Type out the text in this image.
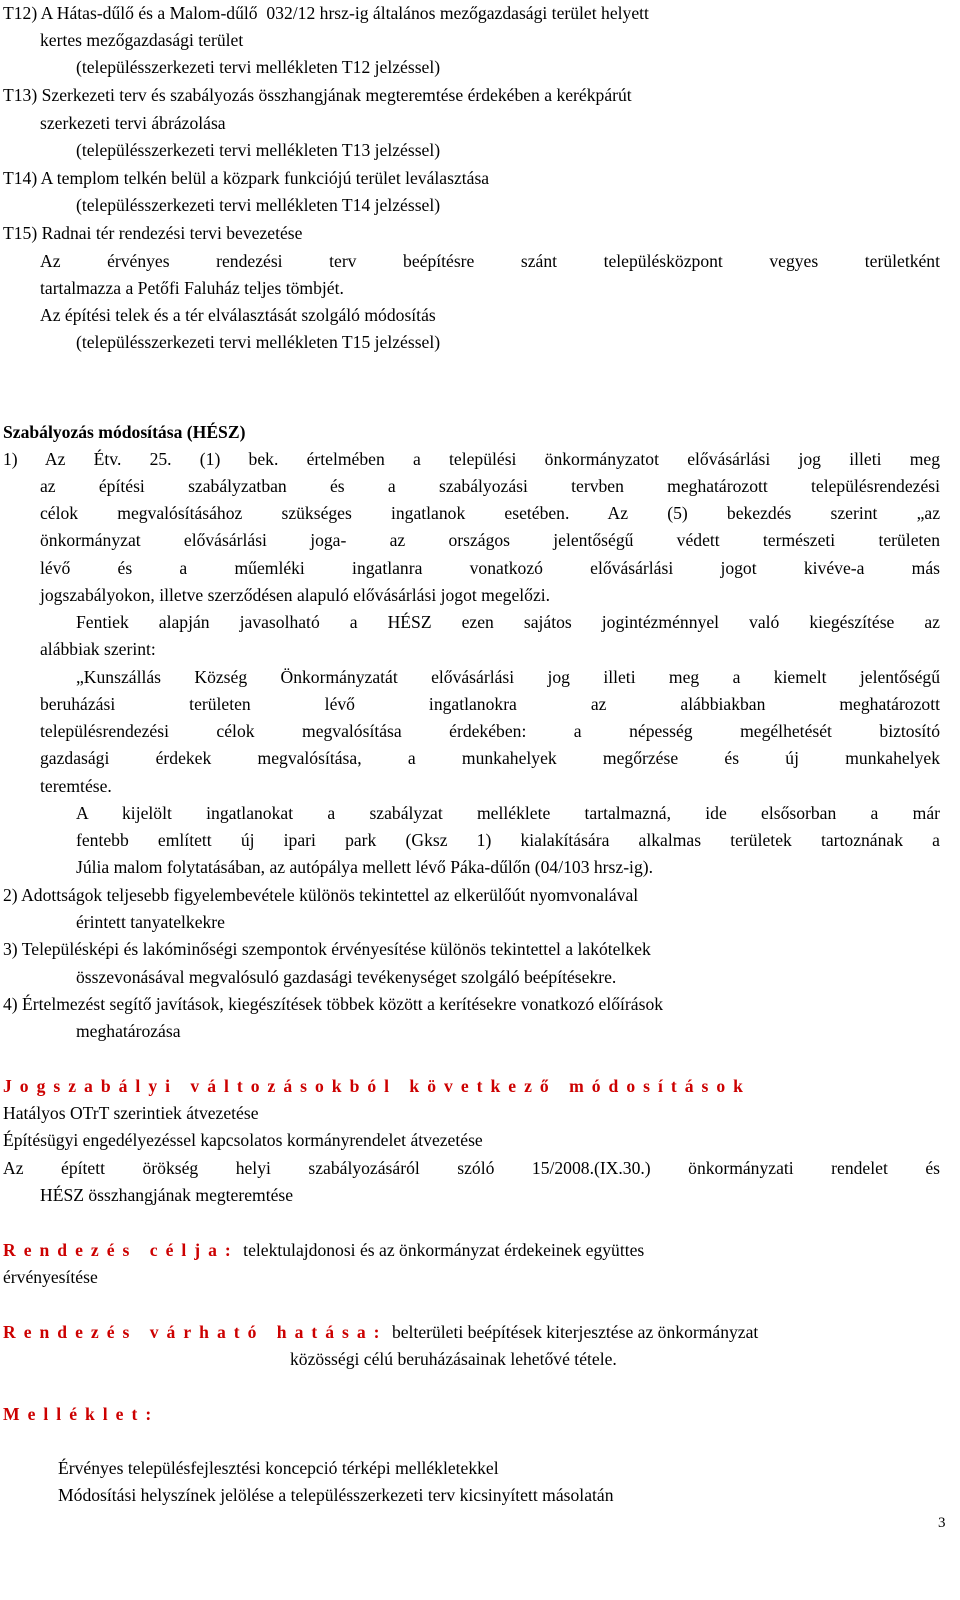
T12) A Hátas-dűlő és a Malom-dűlő  032/12 hrsz-ig általános mezőgazdasági terület helyett
kertes mezőgazdasági terület
(településszerkezeti tervi mellékleten T12 jelzéssel)
T13) Szerkezeti terv és szabályozás összhangjának megteremtése érdekében a kerékpárút
szerkezeti tervi ábrázolása
(településszerkezeti tervi mellékleten T13 jelzéssel)
T14) A templom telkén belül a közpark funkciójú terület leválasztása
(településszerkezeti tervi mellékleten T14 jelzéssel)
T15) Radnai tér rendezési tervi bevezetése
Az érvényes rendezési terv beépítésre szánt településközpont vegyes területként
tartalmazza a Petőfi Faluház teljes tömbjét.
Az építési telek és a tér elválasztását szolgáló módosítás
(településszerkezeti tervi mellékleten T15 jelzéssel)
Szabályozás módosítása (HÉSZ)
1) Az Étv. 25. (1) bek. értelmében a települési önkormányzatot elővásárlási jog illeti meg
az építési szabályzatban és a szabályozási tervben meghatározott településrendezési
célok megvalósításához szükséges ingatlanok esetében. Az (5) bekezdés szerint „az
önkormányzat elővásárlási joga- az országos jelentőségű védett természeti területen
lévő és a műemléki ingatlanra vonatkozó elővásárlási jogot kivéve-a más
jogszabályokon, illetve szerződésen alapuló elővásárlási jogot megelőzi.
Fentiek alapján javasolható a HÉSZ ezen sajátos jogintézménnyel való kiegészítése az
alábbiak szerint:
„Kunszállás Község Önkormányzatát elővásárlási jog illeti meg a kiemelt jelentőségű
beruházási területen lévő ingatlanokra az alábbiakban meghatározott
településrendezési célok megvalósítása érdekében: a népesség megélhetését biztosító
gazdasági érdekek megvalósítása, a munkahelyek megőrzése és új munkahelyek
teremtése.
A kijelölt ingatlanokat a szabályzat melléklete tartalmazná, ide elsősorban a már
fentebb említett új ipari park (Gksz 1) kialakítására alkalmas területek tartoznának a
Júlia malom folytatásában, az autópálya mellett lévő Páka-dűlőn (04/103 hrsz-ig).
2) Adottságok teljesebb figyelembevétele különös tekintettel az elkerülőút nyomvonalával
érintett tanyatelkekre
3) Településképi és lakóminőségi szempontok érvényesítése különös tekintettel a lakótelkek
összevonásával megvalósuló gazdasági tevékenységet szolgáló beépítésekre.
4) Értelmezést segítő javítások, kiegészítések többek között a kerítésekre vonatkozó előírások
meghatározása
Jogszabályi változásokból következő módosítások
Hatályos OTrT szerintiek átvezetése
Építésügyi engedélyezéssel kapcsolatos kormányrendelet átvezetése
Az épített örökség helyi szabályozásáról szóló 15/2008.(IX.30.) önkormányzati rendelet és
HÉSZ összhangjának megteremtése
Rendezés célja: telektulajdonosi és az önkormányzat érdekeinek együttes
érvényesítése
Rendezés várható hatása: belterületi beépítések kiterjesztése az önkormányzat
közösségi célú beruházásainak lehetővé tétele.
Melléklet:
Érvényes településfejlesztési koncepció térképi mellékletekkel
Módosítási helyszínek jelölése a településszerkezeti terv kicsinyített másolatán
3
